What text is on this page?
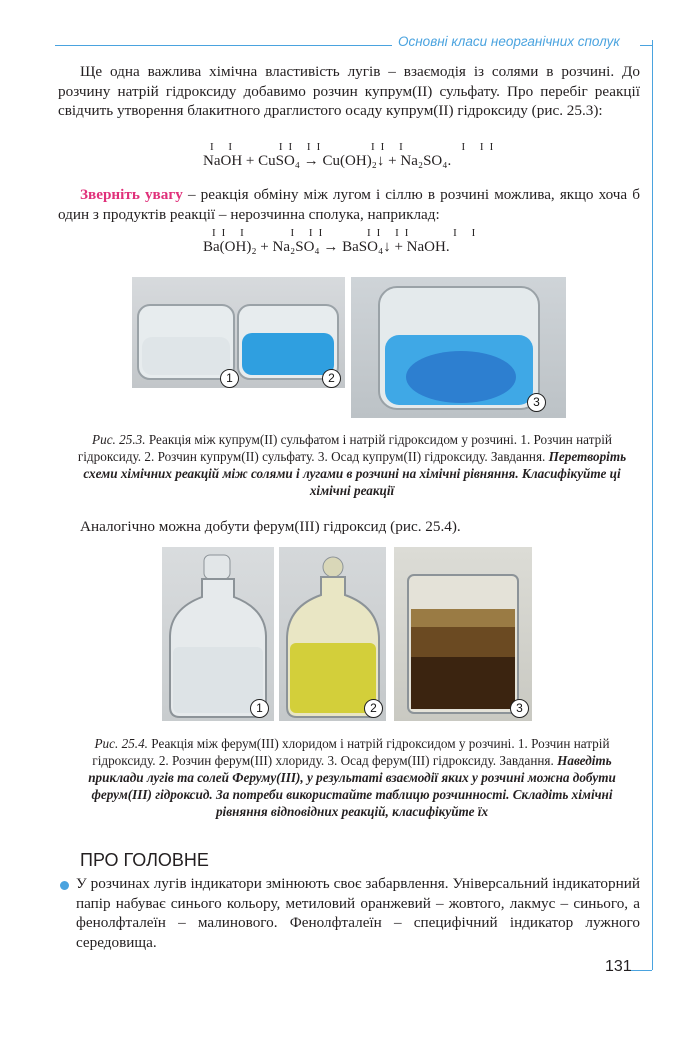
Основні класи неорганічних сполук
Ще одна важлива хімічна властивість лугів – взаємодія із солями в розчині. До розчину натрій гідроксиду добавимо розчин купрум(II) сульфату. Про перебіг реакції свідчить утворення блакитного драглистого осаду купрум(II) гідроксиду (рис. 25.3):
I I	II II	II I	I II
NaOH + CuSO₄ → Cu(OH)₂↓ + Na₂SO₄.
Зверніть увагу – реакція обміну між лугом і сіллю в розчині можлива, якщо хоча б один з продуктів реакції – нерозчинна сполука, наприклад:
II I	I II	II II	I I
Ba(OH)₂ + Na₂SO₄ → BaSO₄↓ + NaOH.
1	2
3
Рис. 25.3. Реакція між купрум(II) сульфатом і натрій гідроксидом у розчині. 1. Розчин натрій гідроксиду. 2. Розчин купрум(II) сульфату. 3. Осад купрум(II) гідроксиду. Завдання. Перетворіть схеми хімічних реакцій між солями і лугами в розчині на хімічні рівняння. Класифікуйте ці хімічні реакції
Аналогічно можна добути ферум(III) гідроксид (рис. 25.4).
1	2	3
Рис. 25.4. Реакція між ферум(III) хлоридом і натрій гідроксидом у розчині. 1. Розчин натрій гідроксиду. 2. Розчин ферум(III) хлориду. 3. Осад ферум(III) гідроксиду. Завдання. Наведіть приклади лугів та солей Феруму(III), у результаті взаємодії яких у розчині можна добути ферум(III) гідроксид. За потреби використайте таблицю розчинності. Складіть хімічні рівняння відповідних реакцій, класифікуйте їх
ПРО ГОЛОВНЕ
У розчинах лугів індикатори змінюють своє забарвлення. Універсальний індикаторний папір набуває синього кольору, метиловий оранжевий – жовтого, лакмус – синього, а фенолфталеїн – малинового. Фенолфталеїн – специфічний індикатор лужного середовища.
131
